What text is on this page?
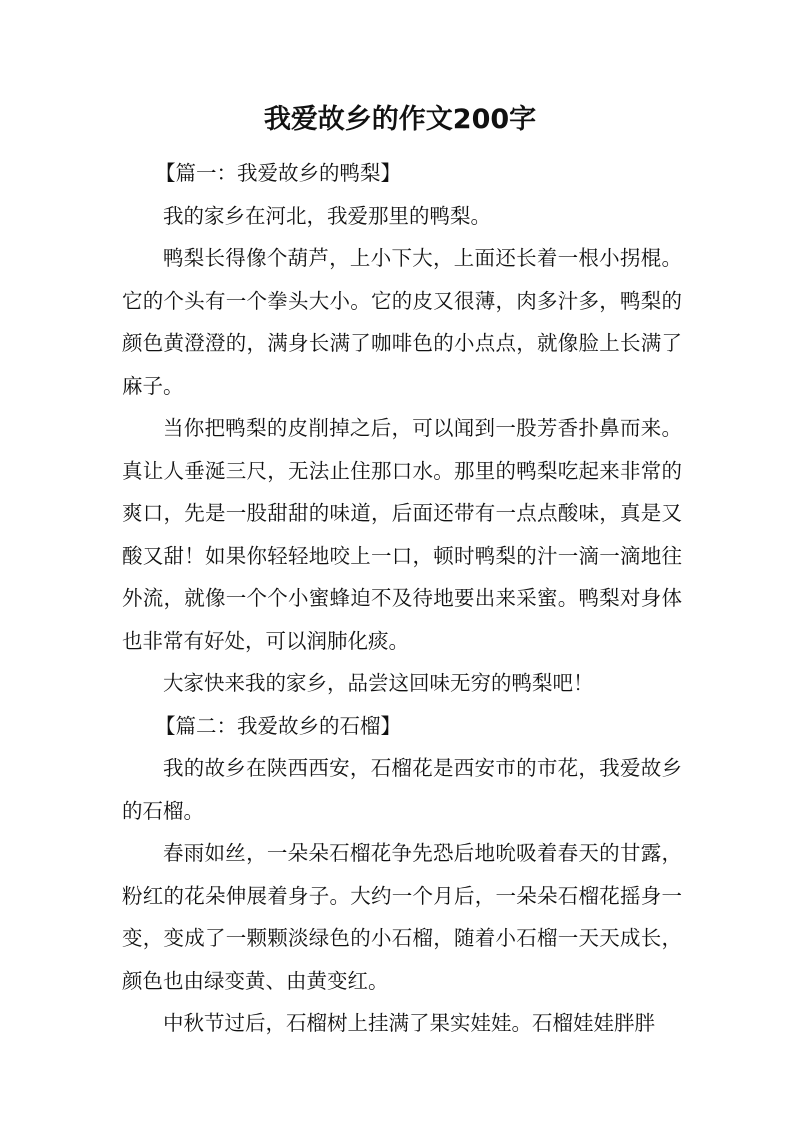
我爱故乡的作文200字

【篇一：我爱故乡的鸭梨】

我的家乡在河北，我爱那里的鸭梨。

鸭梨长得像个葫芦，上小下大，上面还长着一根小拐棍。它的个头有一个拳头大小。它的皮又很薄，肉多汁多，鸭梨的颜色黄澄澄的，满身长满了咖啡色的小点点，就像脸上长满了麻子。

当你把鸭梨的皮削掉之后，可以闻到一股芳香扑鼻而来。真让人垂涎三尺，无法止住那口水。那里的鸭梨吃起来非常的爽口，先是一股甜甜的味道，后面还带有一点点酸味，真是又酸又甜！如果你轻轻地咬上一口，顿时鸭梨的汁一滴一滴地往外流，就像一个个小蜜蜂迫不及待地要出来采蜜。鸭梨对身体也非常有好处，可以润肺化痰。

大家快来我的家乡，品尝这回味无穷的鸭梨吧！

【篇二：我爱故乡的石榴】

我的故乡在陕西西安，石榴花是西安市的市花，我爱故乡的石榴。

春雨如丝，一朵朵石榴花争先恐后地吮吸着春天的甘露，粉红的花朵伸展着身子。大约一个月后，一朵朵石榴花摇身一变，变成了一颗颗淡绿色的小石榴，随着小石榴一天天成长，颜色也由绿变黄、由黄变红。

中秋节过后，石榴树上挂满了果实娃娃。石榴娃娃胖胖
